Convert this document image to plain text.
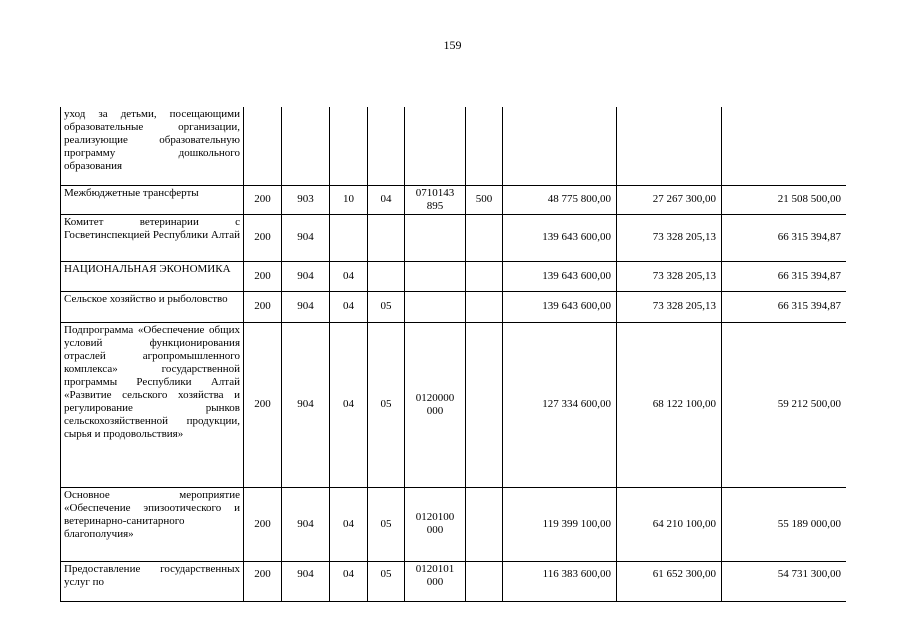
159
уход за детьми, посещающими образовательные организации, реализующие образовательную программу дошкольного образования									
Межбюджетные трансферты	200	903	10	04	0710143 895	500	48 775 800,00	27 267 300,00	21 508 500,00
Комитет ветеринарии с Госветинспекцией Республики Алтай	200	904					139 643 600,00	73 328 205,13	66 315 394,87
НАЦИОНАЛЬНАЯ ЭКОНОМИКА	200	904	04				139 643 600,00	73 328 205,13	66 315 394,87
Сельское хозяйство и рыболовство	200	904	04	05			139 643 600,00	73 328 205,13	66 315 394,87
Подпрограмма «Обеспечение общих условий функционирования отраслей агропромышленного комплекса» государственной программы Республики Алтай «Развитие сельского хозяйства и регулирование рынков сельскохозяйственной продукции, сырья и продовольствия»	200	904	04	05	0120000 000		127 334 600,00	68 122 100,00	59 212 500,00
Основное мероприятие «Обеспечение эпизоотического и ветеринарно-санитарного благополучия»	200	904	04	05	0120100 000		119 399 100,00	64 210 100,00	55 189 000,00
Предоставление государственных услуг по	200	904	04	05	0120101 000		116 383 600,00	61 652 300,00	54 731 300,00
